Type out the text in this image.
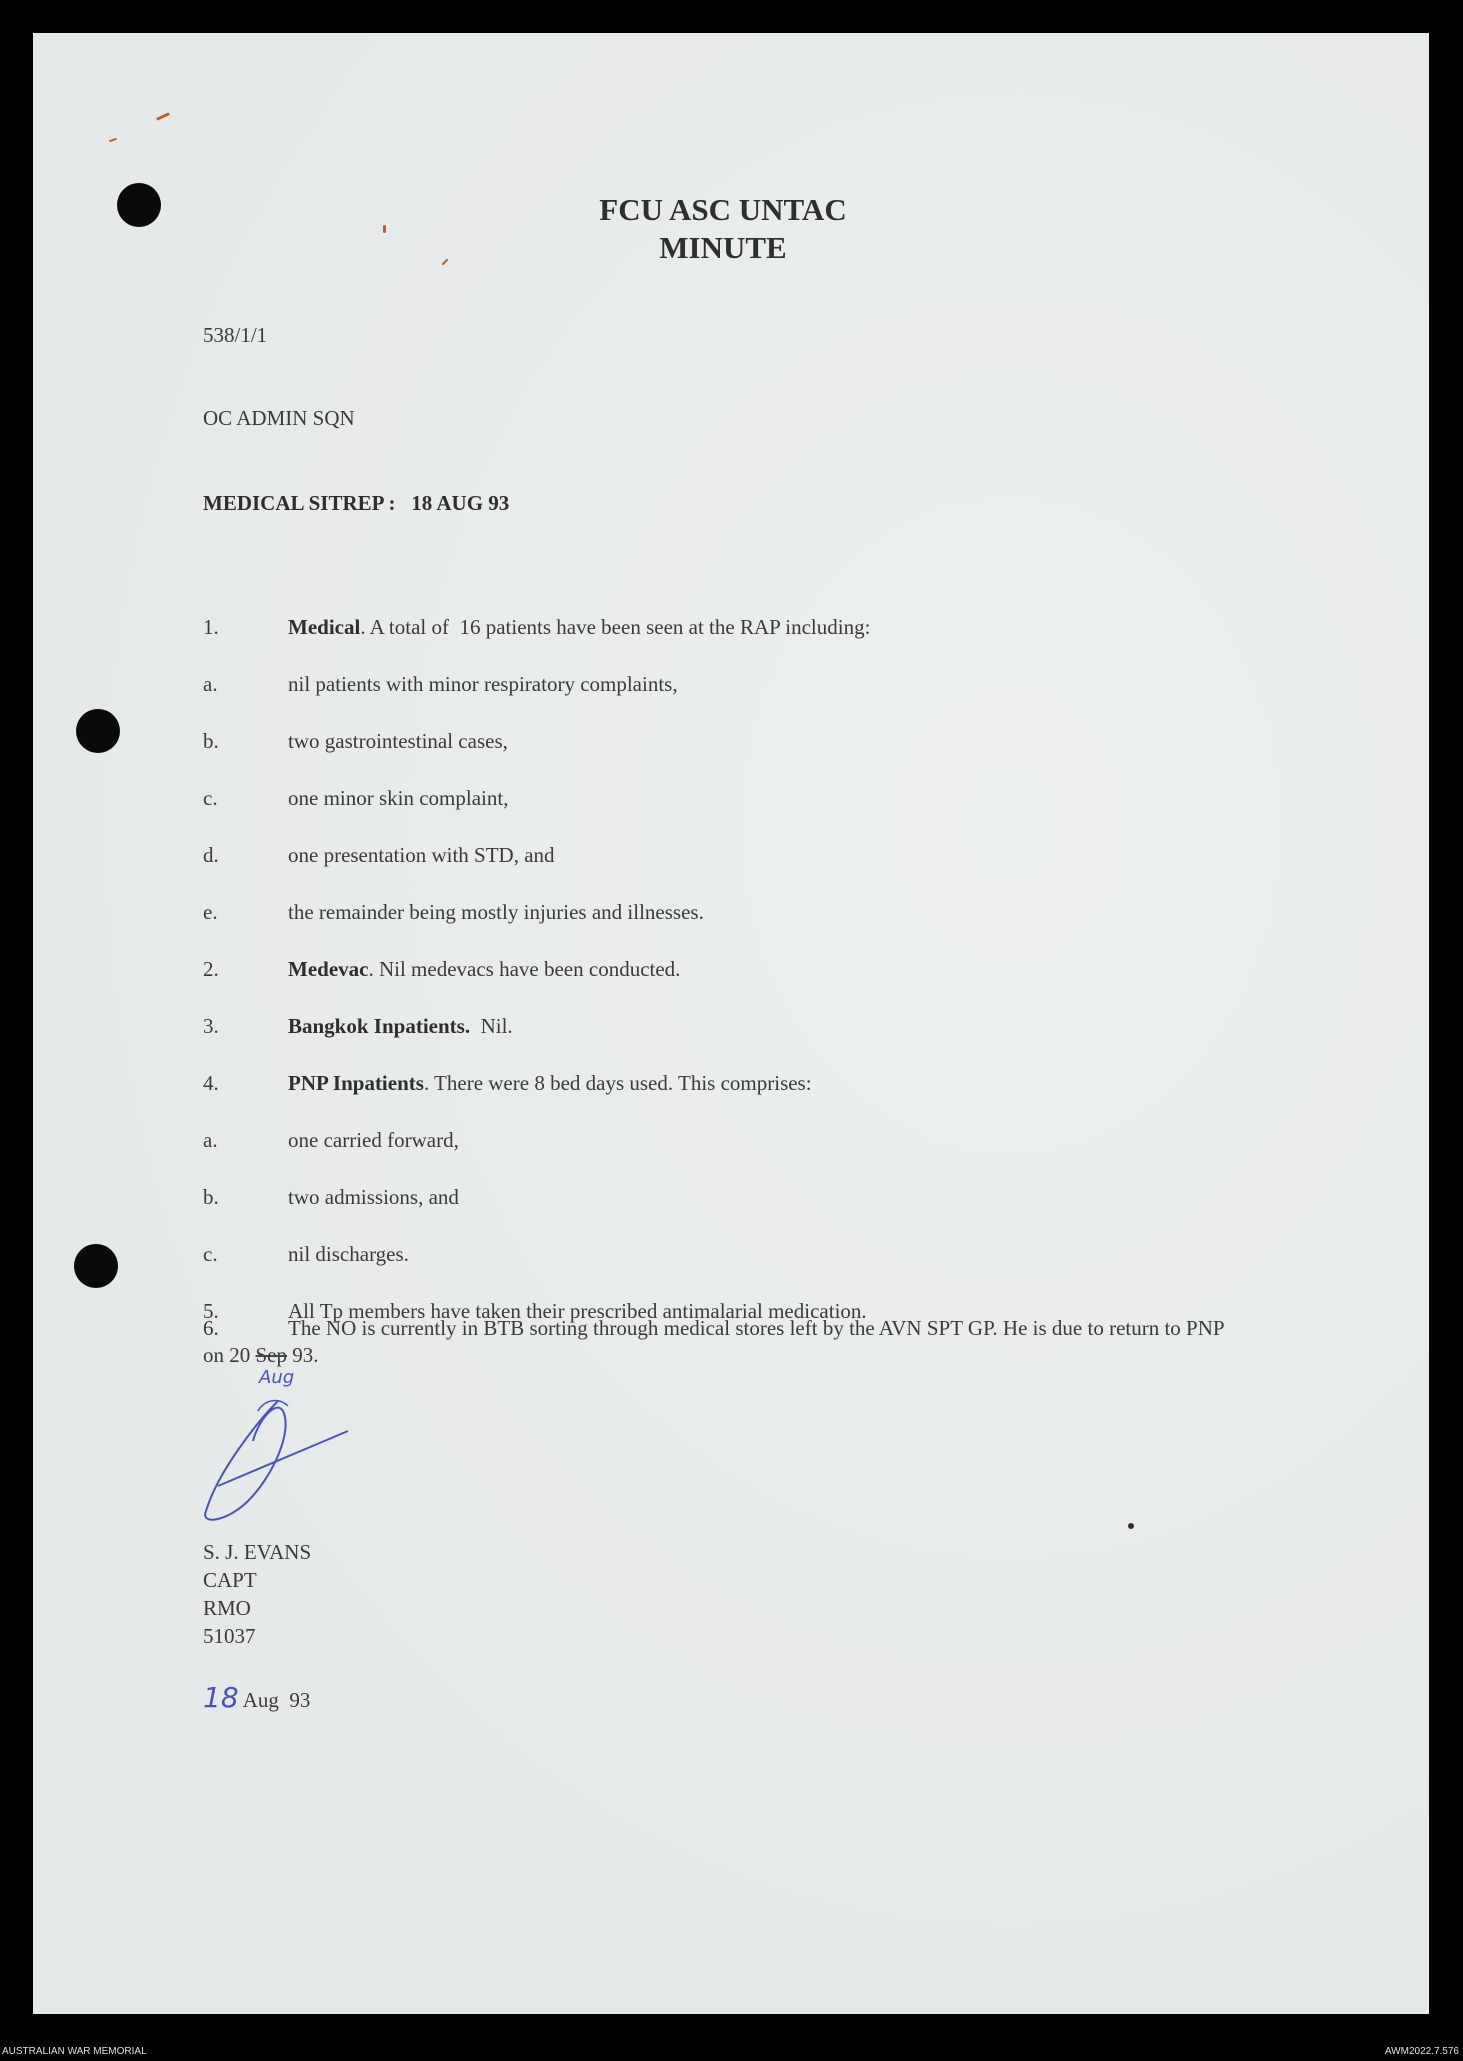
FCU ASC UNTAC
MINUTE
538/1/1
OC ADMIN SQN
MEDICAL SITREP :   18 AUG 93
1.	Medical. A total of  16 patients have been seen at the RAP including:
a.	nil patients with minor respiratory complaints,
b.	two gastrointestinal cases,
c.	one minor skin complaint,
d.	one presentation with STD, and
e.	the remainder being mostly injuries and illnesses.
2.	Medevac. Nil medevacs have been conducted.
3.	Bangkok Inpatients.  Nil.
4.	PNP Inpatients. There were 8 bed days used. This comprises:
a.	one carried forward,
b.	two admissions, and
c.	nil discharges.
5.	All Tp members have taken their prescribed antimalarial medication.
6.	The NO is currently in BTB sorting through medical stores left by the AVN SPT GP. He is due to return to PNP
on 20 Sep 93.
Aug
S. J. EVANS
CAPT
RMO
51037
18 Aug  93
AUSTRALIAN WAR MEMORIAL	AWM2022.7.576
